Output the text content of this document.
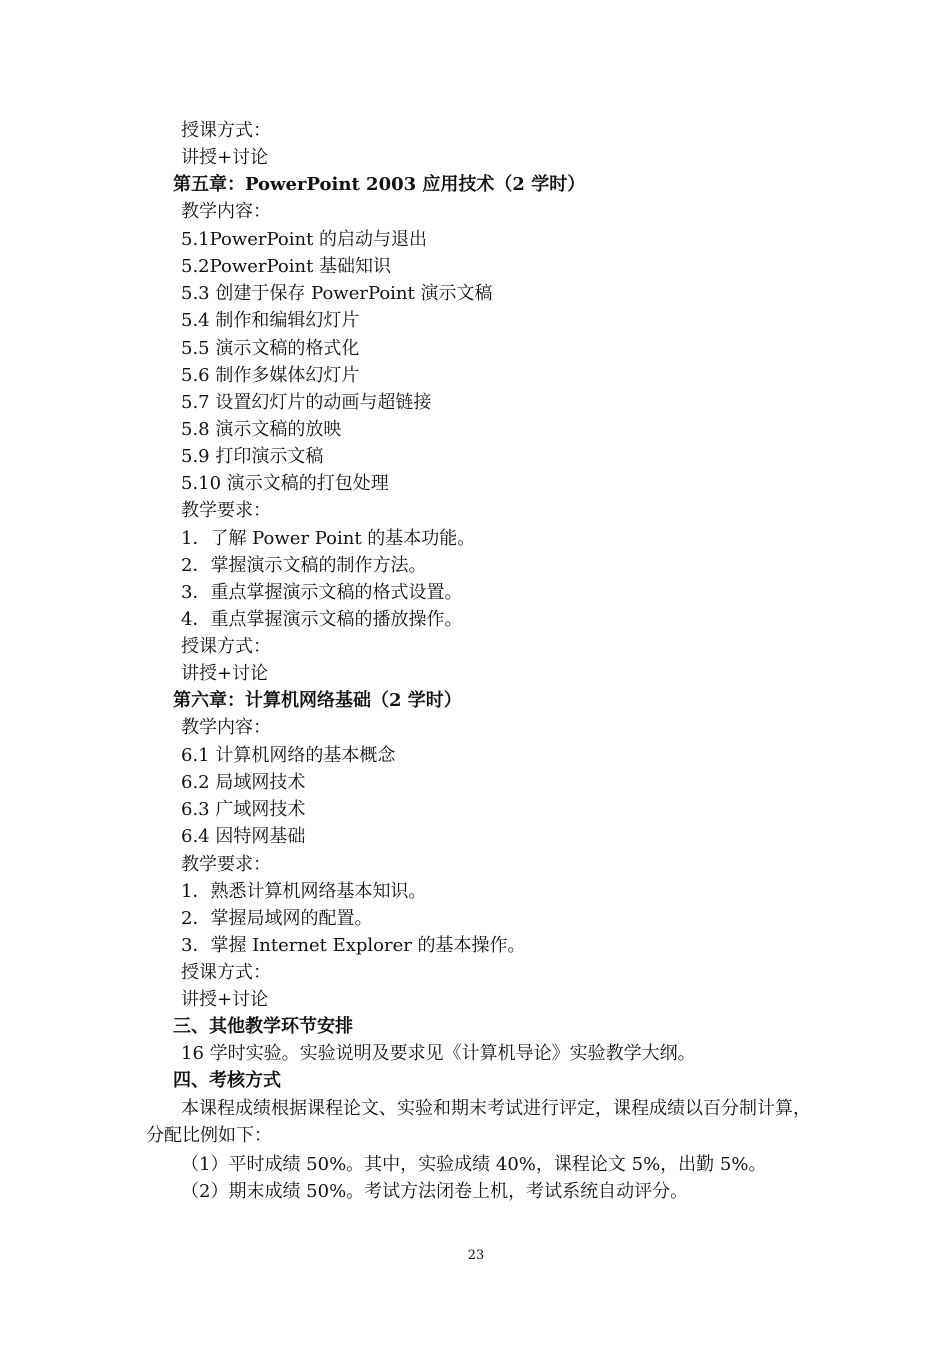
授课方式：
讲授+讨论
第五章：PowerPoint 2003 应用技术（2 学时）
教学内容：
5.1PowerPoint 的启动与退出
5.2PowerPoint 基础知识
5.3 创建于保存 PowerPoint 演示文稿
5.4 制作和编辑幻灯片
5.5 演示文稿的格式化
5.6 制作多媒体幻灯片
5.7 设置幻灯片的动画与超链接
5.8 演示文稿的放映
5.9 打印演示文稿
5.10 演示文稿的打包处理
教学要求：
1．了解 Power Point 的基本功能。
2．掌握演示文稿的制作方法。
3．重点掌握演示文稿的格式设置。
4．重点掌握演示文稿的播放操作。
授课方式：
讲授+讨论
第六章：计算机网络基础（2 学时）
教学内容：
6.1 计算机网络的基本概念
6.2 局域网技术
6.3 广域网技术
6.4 因特网基础
教学要求：
1．熟悉计算机网络基本知识。
2．掌握局域网的配置。
3．掌握 Internet Explorer 的基本操作。
授课方式：
讲授+讨论
三、其他教学环节安排
16 学时实验。实验说明及要求见《计算机导论》实验教学大纲。
四、考核方式
本课程成绩根据课程论文、实验和期末考试进行评定，课程成绩以百分制计算，分配比例如下：
（1）平时成绩 50%。其中，实验成绩 40%，课程论文 5%，出勤 5%。
（2）期末成绩 50%。考试方法闭卷上机，考试系统自动评分。
23
